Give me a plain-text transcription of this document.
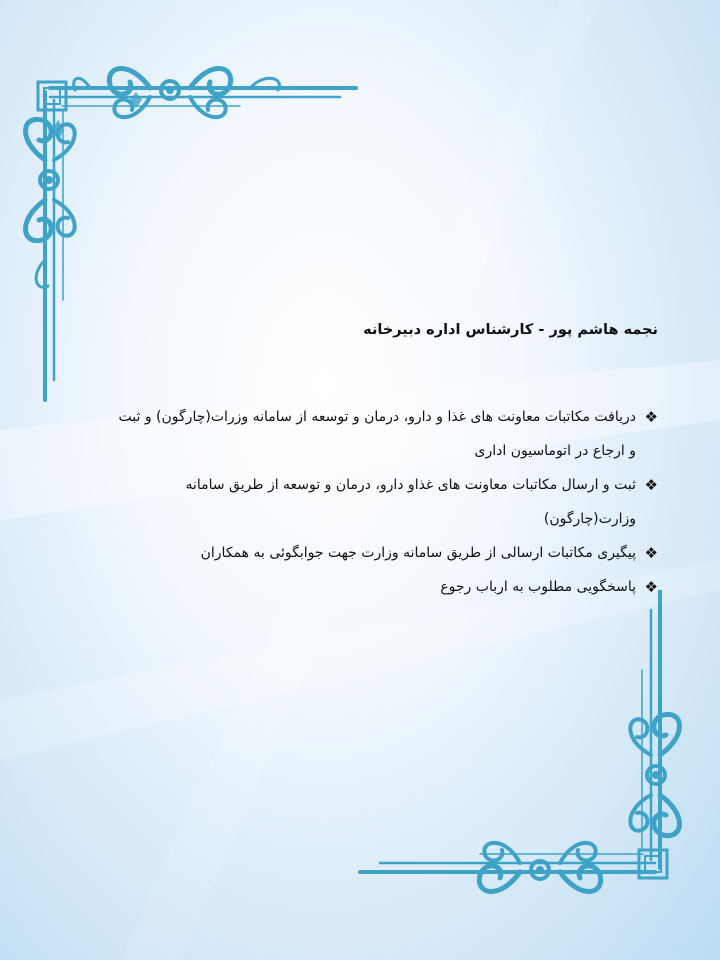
نجمه هاشم پور - کارشناس اداره دبیرخانه
❖
دریافت مکاتبات معاونت های غذا و دارو، درمان و توسعه از سامانه وزرات(چارگون) و ثبت
و ارجاع در اتوماسیون اداری
❖
ثبت و ارسال مکاتبات معاونت های غذاو دارو، درمان و توسعه از طریق سامانه
وزارت(چارگون)
❖
پیگیری مکاتبات ارسالی از طریق سامانه وزارت جهت جوابگوئی به همکاران
❖
پاسخگویی مطلوب به ارباب رجوع
